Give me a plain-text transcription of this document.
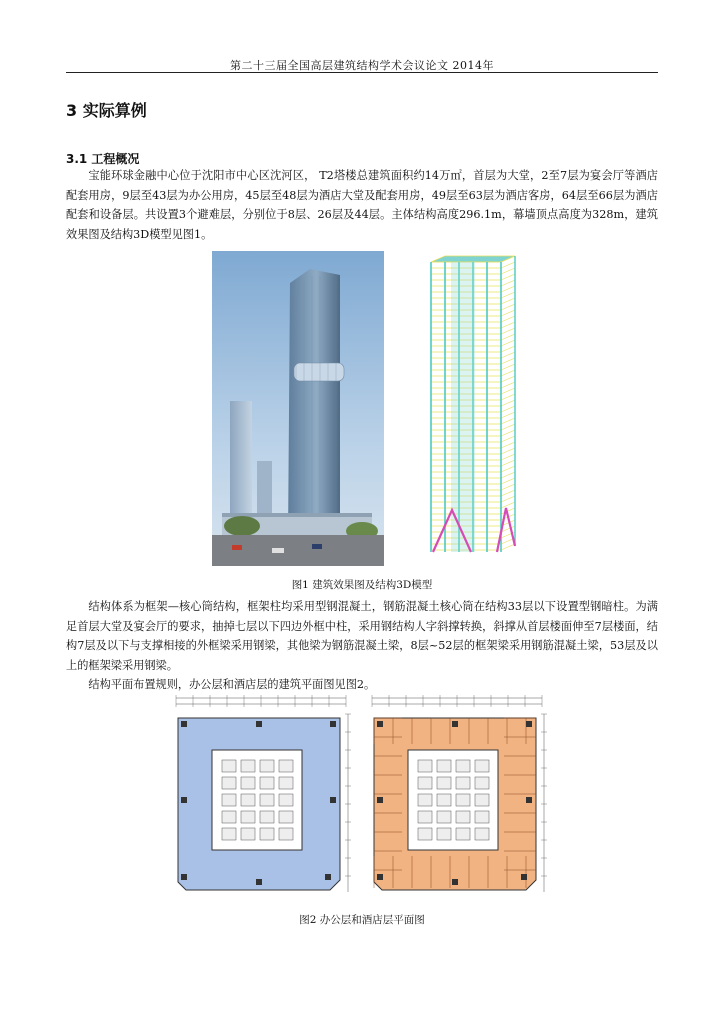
第二十三届全国高层建筑结构学术会议论文 2014年
3 实际算例
3.1 工程概况

宝能环球金融中心位于沈阳市中心区沈河区， T2塔楼总建筑面积约14万㎡，首层为大堂，2至7层为宴会厅等酒店配套用房，9层至43层为办公用房，45层至48层为酒店大堂及配套用房，49层至63层为酒店客房，64层至66层为酒店配套和设备层。共设置3个避难层，分别位于8层、26层及44层。主体结构高度296.1m，幕墙顶点高度为328m，建筑效果图及结构3D模型见图1。

图1 建筑效果图及结构3D模型

结构体系为框架—核心筒结构，框架柱均采用型钢混凝土，钢筋混凝土核心筒在结构33层以下设置型钢暗柱。为满足首层大堂及宴会厅的要求，抽掉七层以下四边外框中柱，采用钢结构人字斜撑转换，斜撑从首层楼面伸至7层楼面，结构7层及以下与支撑相接的外框梁采用钢梁，其他梁为钢筋混凝土梁，8层~52层的框架梁采用钢筋混凝土梁，53层及以上的框架梁采用钢梁。

结构平面布置规则，办公层和酒店层的建筑平面图见图2。

图2 办公层和酒店层平面图
